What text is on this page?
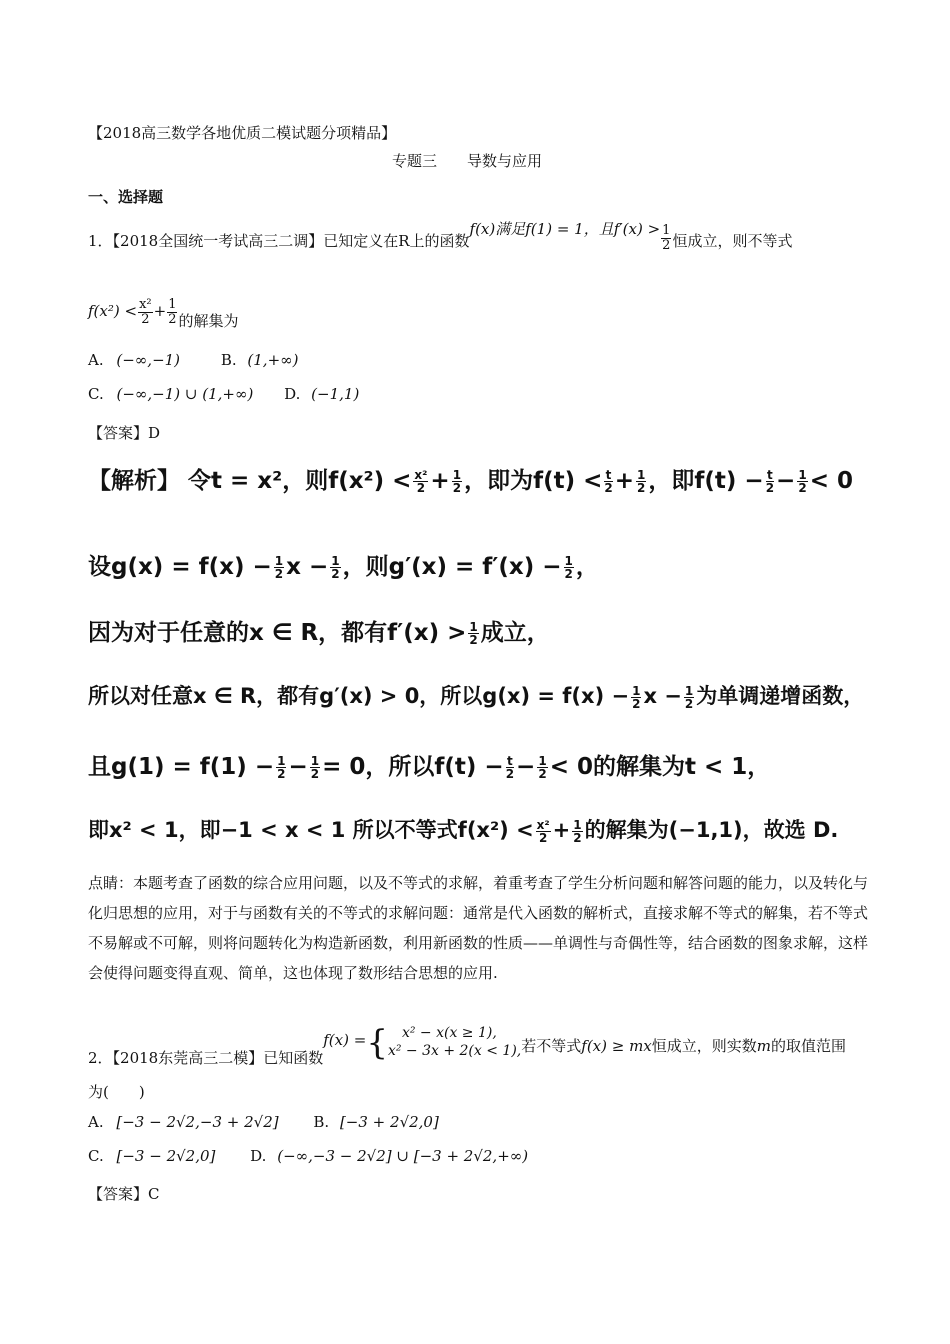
【2018高三数学各地优质二模试题分项精品】
专题三　　导数与应用
一、选择题
1．【2018全国统一考试高三二调】已知定义在R上的函数f(x)满足f(1) = 1，且$f'(x) > \frac{1}{2}$ 恒成立，则不等式
$f(x^2) < \frac{\text{x²}}{2} + \frac{1}{2}$ 的解集为
A. (−∞,−1)	B. (1,+∞)
C. (−∞,−1) ∪ (1,+∞) D. (−1,1)
【答案】D
【解析】 令t = x²，则$f(x^2) < \frac{\text{x²}}{2} + \frac{1}{2}$ ，即为$f(t) < \frac{t}{2} + \frac{1}{2}$ ，即$f(t) - \frac{t}{2} - \frac{1}{2} < 0$
设$g(x) = f(x) - \frac{1}{2}$ $x - \frac{1}{2}$ ，则$g'(x) = f'(x) - \frac{1}{2}$ ，
因为对于任意的x ∈ R，都有$f'(x) > \frac{1}{2}$ 成立，
所以对任意x ∈ R，都有g′(x) > 0，所以$g(x) = f(x) - \frac{1}{2}$ $x - \frac{1}{2}$ 为单调递增函数，
且$g(1) = f(1) - \frac{1}{2} - \frac{1}{2} = 0$，所以$f(t) - \frac{t}{2} - \frac{1}{2} < 0$的解集为t < 1，
即x² < 1，即−1 < x < 1 所以不等式$f(x^2) < \frac{\text{x²}}{2} + \frac{1}{2}$ 的解集为(−1,1)，故选 D.
点睛：本题考查了函数的综合应用问题，以及不等式的求解，着重考查了学生分析问题和解答问题的能力，以及转化与化归思想的应用，对于与函数有关的不等式的求解问题：通常是代入函数的解析式，直接求解不等式的解集，若不等式不易解或不可解，则将问题转化为构造新函数，利用新函数的性质——单调性与奇偶性等，结合函数的图象求解，这样会使得问题变得直观、简单，这也体现了数形结合思想的应用.
2．【2018东莞高三二模】已知函数f(x) ={	x² − x(x ≥ 1),
x² − 3x + 2(x < 1), 若不等式f(x) ≥ mx恒成立，则实数m的取值范围
为(　　)
A. [−3 − 2√2,−3 + 2√2] B. [−3 + 2√2,0]
C. [−3 − 2√2,0] D. (−∞,−3 − 2√2] ∪ [−3 + 2√2,+∞)
【答案】C
